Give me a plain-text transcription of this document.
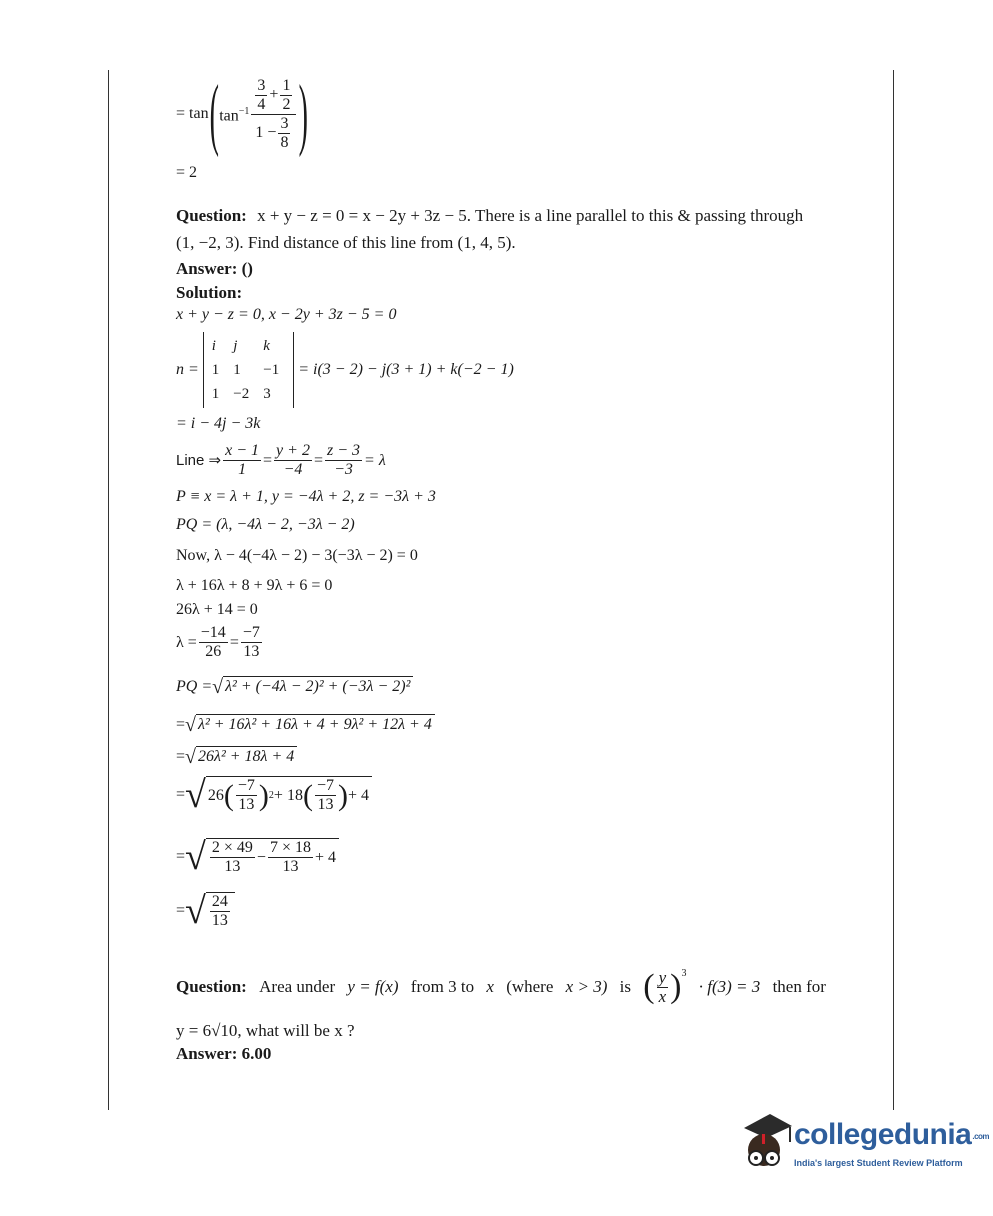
= tan ( $\tan^{-1} \frac{\frac{3}{4} + \frac{1}{2}}{1 - \frac{3}{8}}$ )
= 2
Question: x + y − z = 0 = x − 2y + 3z − 5. There is a line parallel to this & passing through
(1, −2, 3). Find distance of this line from (1, 4, 5).
Answer: ()
Solution:
x + y − z = 0, x − 2y + 3z − 5 = 0
n =
i	j	k
1	1	−1
1	−2	3
= i(3 − 2) − j(3 + 1) + k(−2 − 1)
= i − 4j − 3k
Line ⇒ $\frac{x - 1}{1} = \frac{y + 2}{-4} = \frac{z - 3}{-3} = \lambda$
P ≡ x = λ + 1, y = −4λ + 2, z = −3λ + 3
PQ = (λ, −4λ − 2, −3λ − 2)
Now, λ − 4(−4λ − 2) − 3(−3λ − 2) = 0
λ + 16λ + 8 + 9λ + 6 = 0
26λ + 14 = 0
$\lambda = \frac{-14}{26} = \frac{-7}{13}$
PQ = √ λ² + (−4λ − 2)² + (−3λ − 2)²
= √ λ² + 16λ² + 16λ + 4 + 9λ² + 12λ + 4
= √ 26λ² + 18λ + 4
= √ 26 ( $\frac{-7}{13}$ ) 2 + 18 ( $\frac{-7}{13}$ ) + 4
= √ $\frac{2 \times 49}{13} - \frac{7 \times 18}{13} + 4$
= √ $\frac{24}{13}$
Question: Area under y = f(x) from 3 to x (where x > 3) is ( $\frac{y}{x} )^3$
· f(3) = 3 then for
y = 6√10, what will be x ?
Answer: 6.00
collegedunia.com
India's largest Student Review Platform
